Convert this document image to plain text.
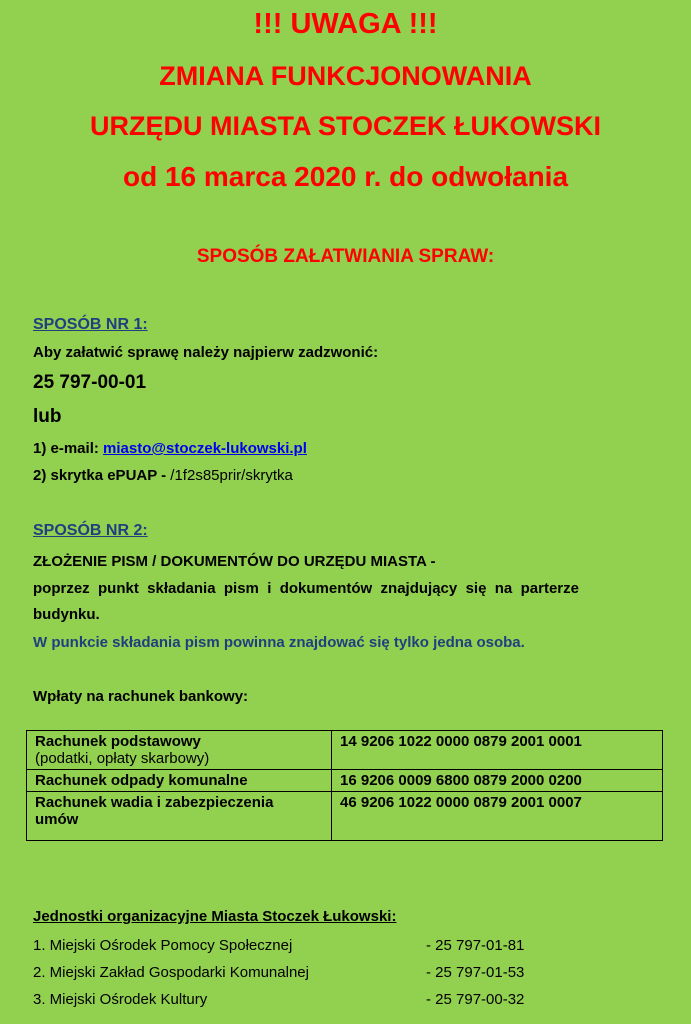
!!! UWAGA !!!
ZMIANA FUNKCJONOWANIA
URZĘDU MIASTA STOCZEK ŁUKOWSKI
od 16 marca 2020 r. do odwołania
SPOSÓB ZAŁATWIANIA SPRAW:
SPOSÓB NR 1:
Aby załatwić sprawę należy najpierw zadzwonić:
25 797-00-01
lub
1) e-mail: miasto@stoczek-lukowski.pl
2) skrytka ePUAP - /1f2s85prir/skrytka
SPOSÓB NR 2:
ZŁOŻENIE PISM / DOKUMENTÓW DO URZĘDU MIASTA -
poprzez  punkt  składania  pism  i  dokumentów  znajdujący  się  na  parterze
budynku.
W punkcie składania pism powinna znajdować się tylko jedna osoba.
Wpłaty na rachunek bankowy:
Rachunek podstawowy
(podatki, opłaty skarbowy)	14 9206 1022 0000 0879 2001 0001

Rachunek odpady komunalne	16 9206 0009 6800 0879 2000 0200

Rachunek wadia i zabezpieczenia
umów	46 9206 1022 0000 0879 2001 0007
Jednostki organizacyjne Miasta Stoczek Łukowski:
1. Miejski Ośrodek Pomocy Społecznej	- 25 797-01-81
2. Miejski Zakład Gospodarki Komunalnej	- 25 797-01-53
3. Miejski Ośrodek Kultury	- 25 797-00-32
